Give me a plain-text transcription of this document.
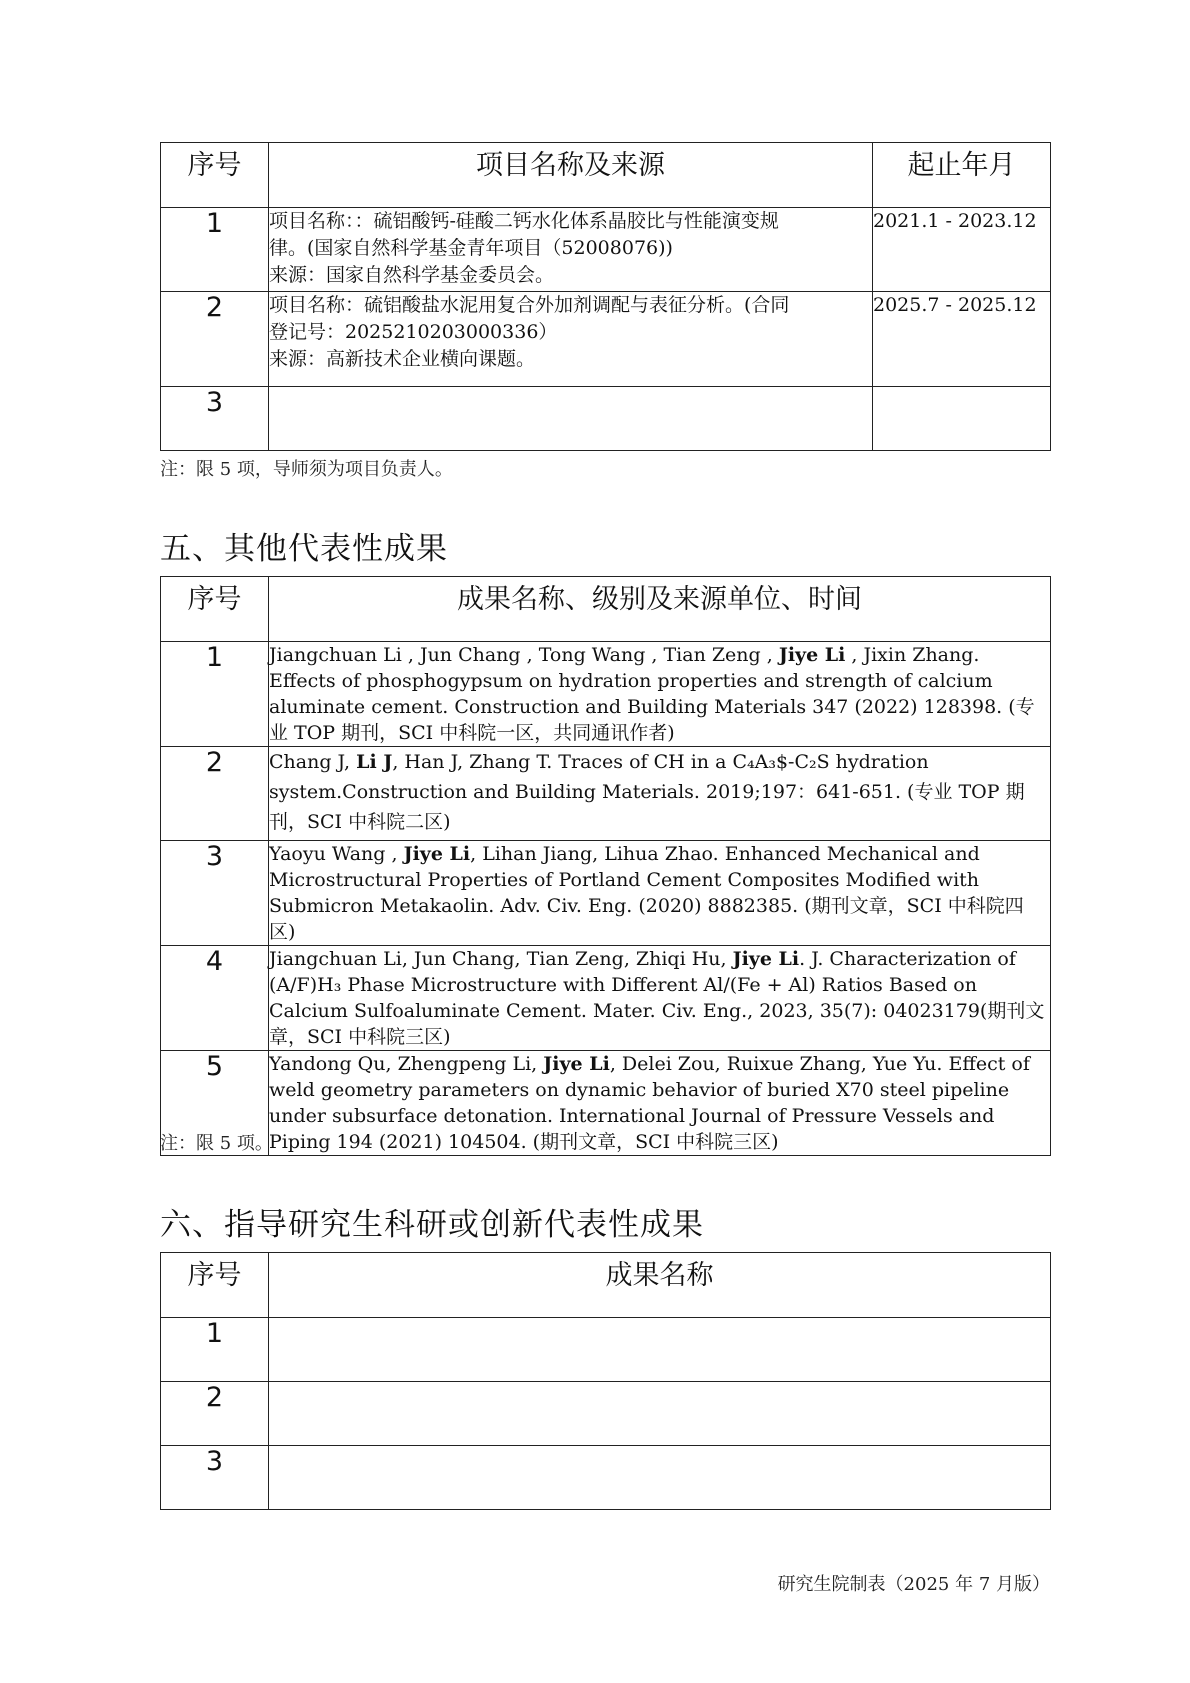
序号	项目名称及来源	起止年月
1	项目名称：：硫铝酸钙-硅酸二钙水化体系晶胶比与性能演变规
律。(国家自然科学基金青年项目（52008076))
来源：国家自然科学基金委员会。	2021.1 - 2023.12
2	项目名称：硫铝酸盐水泥用复合外加剂调配与表征分析。(合同
登记号：2025210203000336）
来源：高新技术企业横向课题。	2025.7 - 2025.12
3		
注：限 5 项，导师须为项目负责人。
五、其他代表性成果
序号	成果名称、级别及来源单位、时间
1	Jiangchuan Li , Jun Chang , Tong Wang , Tian Zeng , Jiye Li , Jixin Zhang. Effects of phosphogypsum on hydration properties and strength of calcium aluminate cement. Construction and Building Materials 347 (2022) 128398. (专业 TOP 期刊，SCI 中科院一区，共同通讯作者)
2	Chang J, Li J, Han J, Zhang T. Traces of CH in a C₄A₃$-C₂S hydration system.Construction and Building Materials. 2019;197：641-651. (专业 TOP 期刊，SCI 中科院二区)
3	Yaoyu Wang , Jiye Li, Lihan Jiang, Lihua Zhao. Enhanced Mechanical and Microstructural Properties of Portland Cement Composites Modified with Submicron Metakaolin. Adv. Civ. Eng. (2020) 8882385. (期刊文章，SCI 中科院四区)
4	Jiangchuan Li, Jun Chang, Tian Zeng, Zhiqi Hu, Jiye Li. J. Characterization of (A/F)H₃ Phase Microstructure with Different Al/(Fe + Al) Ratios Based on Calcium Sulfoaluminate Cement. Mater. Civ. Eng., 2023, 35(7): 04023179(期刊文章，SCI 中科院三区)
5	Yandong Qu, Zhengpeng Li, Jiye Li, Delei Zou, Ruixue Zhang, Yue Yu. Effect of weld geometry parameters on dynamic behavior of buried X70 steel pipeline under subsurface detonation. International Journal of Pressure Vessels and Piping 194 (2021) 104504. (期刊文章，SCI 中科院三区)
注：限 5 项。
六、指导研究生科研或创新代表性成果
序号	成果名称
1	
2	
3	
研究生院制表（2025 年 7 月版）
